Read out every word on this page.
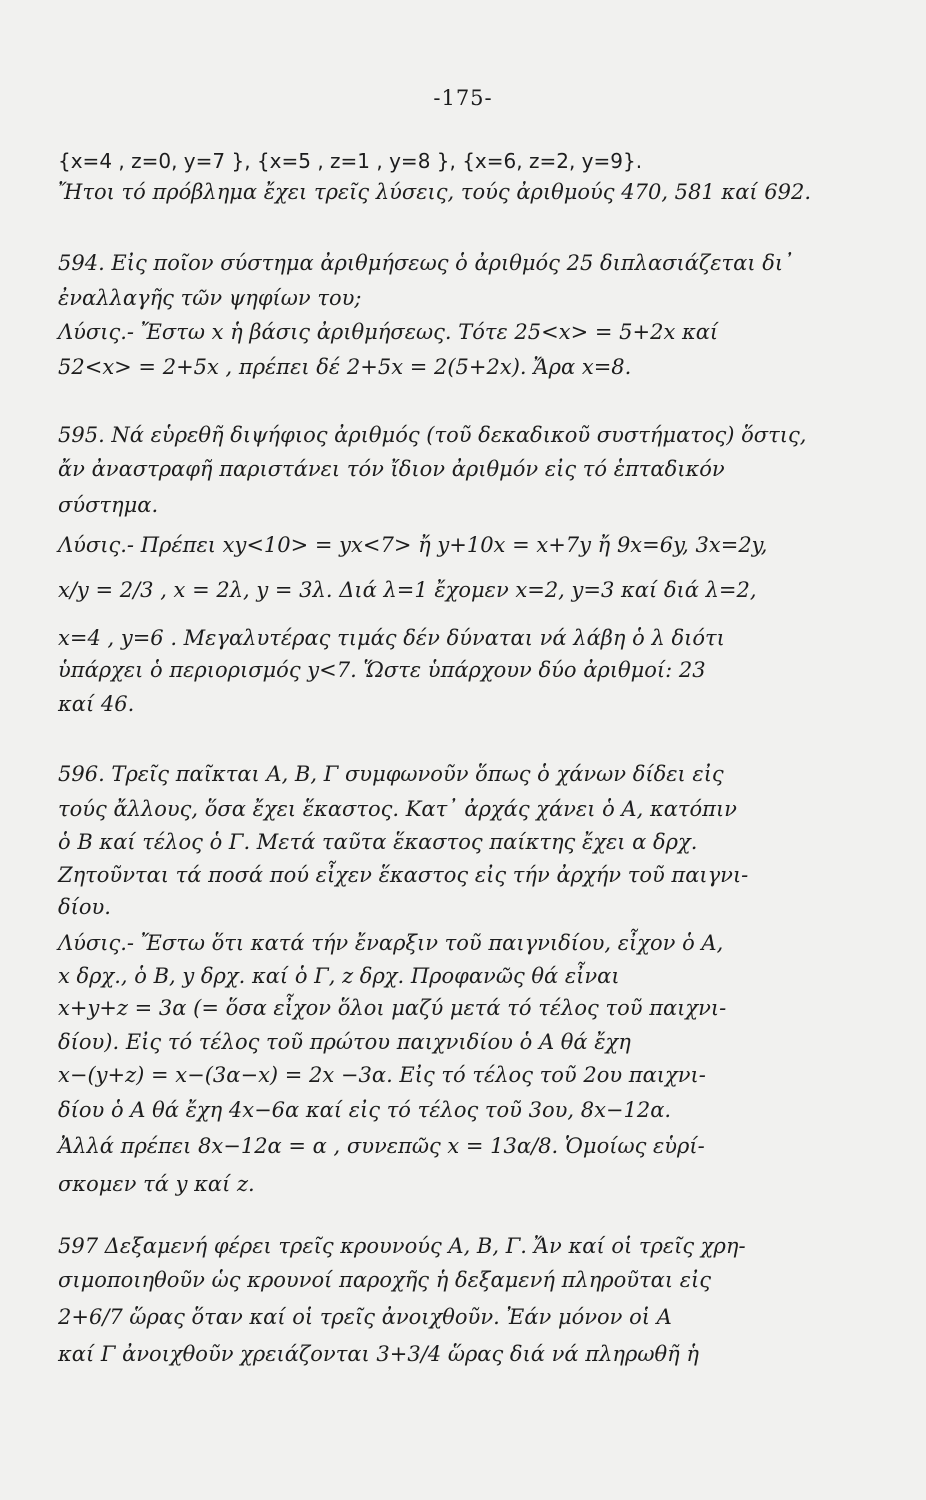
-175-
{x=4 , z=0, y=7 }, {x=5 , z=1 , y=8 }, {x=6, z=2, y=9}.
Ἤτοι τό πρόβλημα ἔχει τρεῖς λύσεις, τούς ἀριθμούς 470, 581 καί 692.
594. Εἰς ποῖον σύστημα ἀριθμήσεως ὁ ἀριθμός 25 διπλασιάζεται δι᾽
ἐναλλαγῆς τῶν ψηφίων του;
Λύσις.- Ἔστω x ἡ βάσις ἀριθμήσεως. Τότε 25<x> = 5+2x καί
52<x> = 2+5x , πρέπει δέ 2+5x = 2(5+2x). Ἄρα x=8.
595. Νά εὑρεθῆ διψήφιος ἀριθμός (τοῦ δεκαδικοῦ συστήματος) ὅστις,
ἄν ἀναστραφῆ παριστάνει τόν ἴδιον ἀριθμόν εἰς τό ἑπταδικόν
σύστημα.
Λύσις.- Πρέπει xy<10> = yx<7> ἤ y+10x = x+7y ἤ 9x=6y, 3x=2y,
x/y = 2/3 , x = 2λ, y = 3λ. Διά λ=1 ἔχομεν x=2, y=3 καί διά λ=2,
x=4 , y=6 . Μεγαλυτέρας τιμάς δέν δύναται νά λάβη ὁ λ διότι
ὑπάρχει ὁ περιορισμός y<7. Ὥστε ὑπάρχουν δύο ἀριθμοί: 23
καί 46.
596. Τρεῖς παῖκται Α, Β, Γ συμφωνοῦν ὅπως ὁ χάνων δίδει εἰς
τούς ἄλλους, ὅσα ἔχει ἕκαστος. Κατ᾽ ἀρχάς χάνει ὁ Α, κατόπιν
ὁ Β καί τέλος ὁ Γ. Μετά ταῦτα ἕκαστος παίκτης ἔχει α δρχ.
Ζητοῦνται τά ποσά πού εἶχεν ἕκαστος εἰς τήν ἀρχήν τοῦ παιγνι-
δίου.
Λύσις.- Ἔστω ὅτι κατά τήν ἔναρξιν τοῦ παιγνιδίου, εἶχον ὁ Α,
x δρχ., ὁ Β, y δρχ. καί ὁ Γ, z δρχ. Προφανῶς θά εἶναι
x+y+z = 3α (= ὅσα εἶχον ὅλοι μαζύ μετά τό τέλος τοῦ παιχνι-
δίου). Εἰς τό τέλος τοῦ πρώτου παιχνιδίου ὁ Α θά ἔχη
x−(y+z) = x−(3α−x) = 2x −3α. Εἰς τό τέλος τοῦ 2ου παιχνι-
δίου ὁ Α θά ἔχη 4x−6α καί εἰς τό τέλος τοῦ 3ου, 8x−12α.
Ἀλλά πρέπει 8x−12α = α , συνεπῶς x = 13α/8. Ὁμοίως εὑρί-
σκομεν τά y καί z.
597 Δεξαμενή φέρει τρεῖς κρουνούς Α, Β, Γ. Ἄν καί οἱ τρεῖς χρη-
σιμοποιηθοῦν ὡς κρουνοί παροχῆς ἡ δεξαμενή πληροῦται εἰς
2+6/7 ὥρας ὅταν καί οἱ τρεῖς ἀνοιχθοῦν. Ἐάν μόνον οἱ Α
καί Γ ἀνοιχθοῦν χρειάζονται 3+3/4 ὥρας διά νά πληρωθῆ ἡ
